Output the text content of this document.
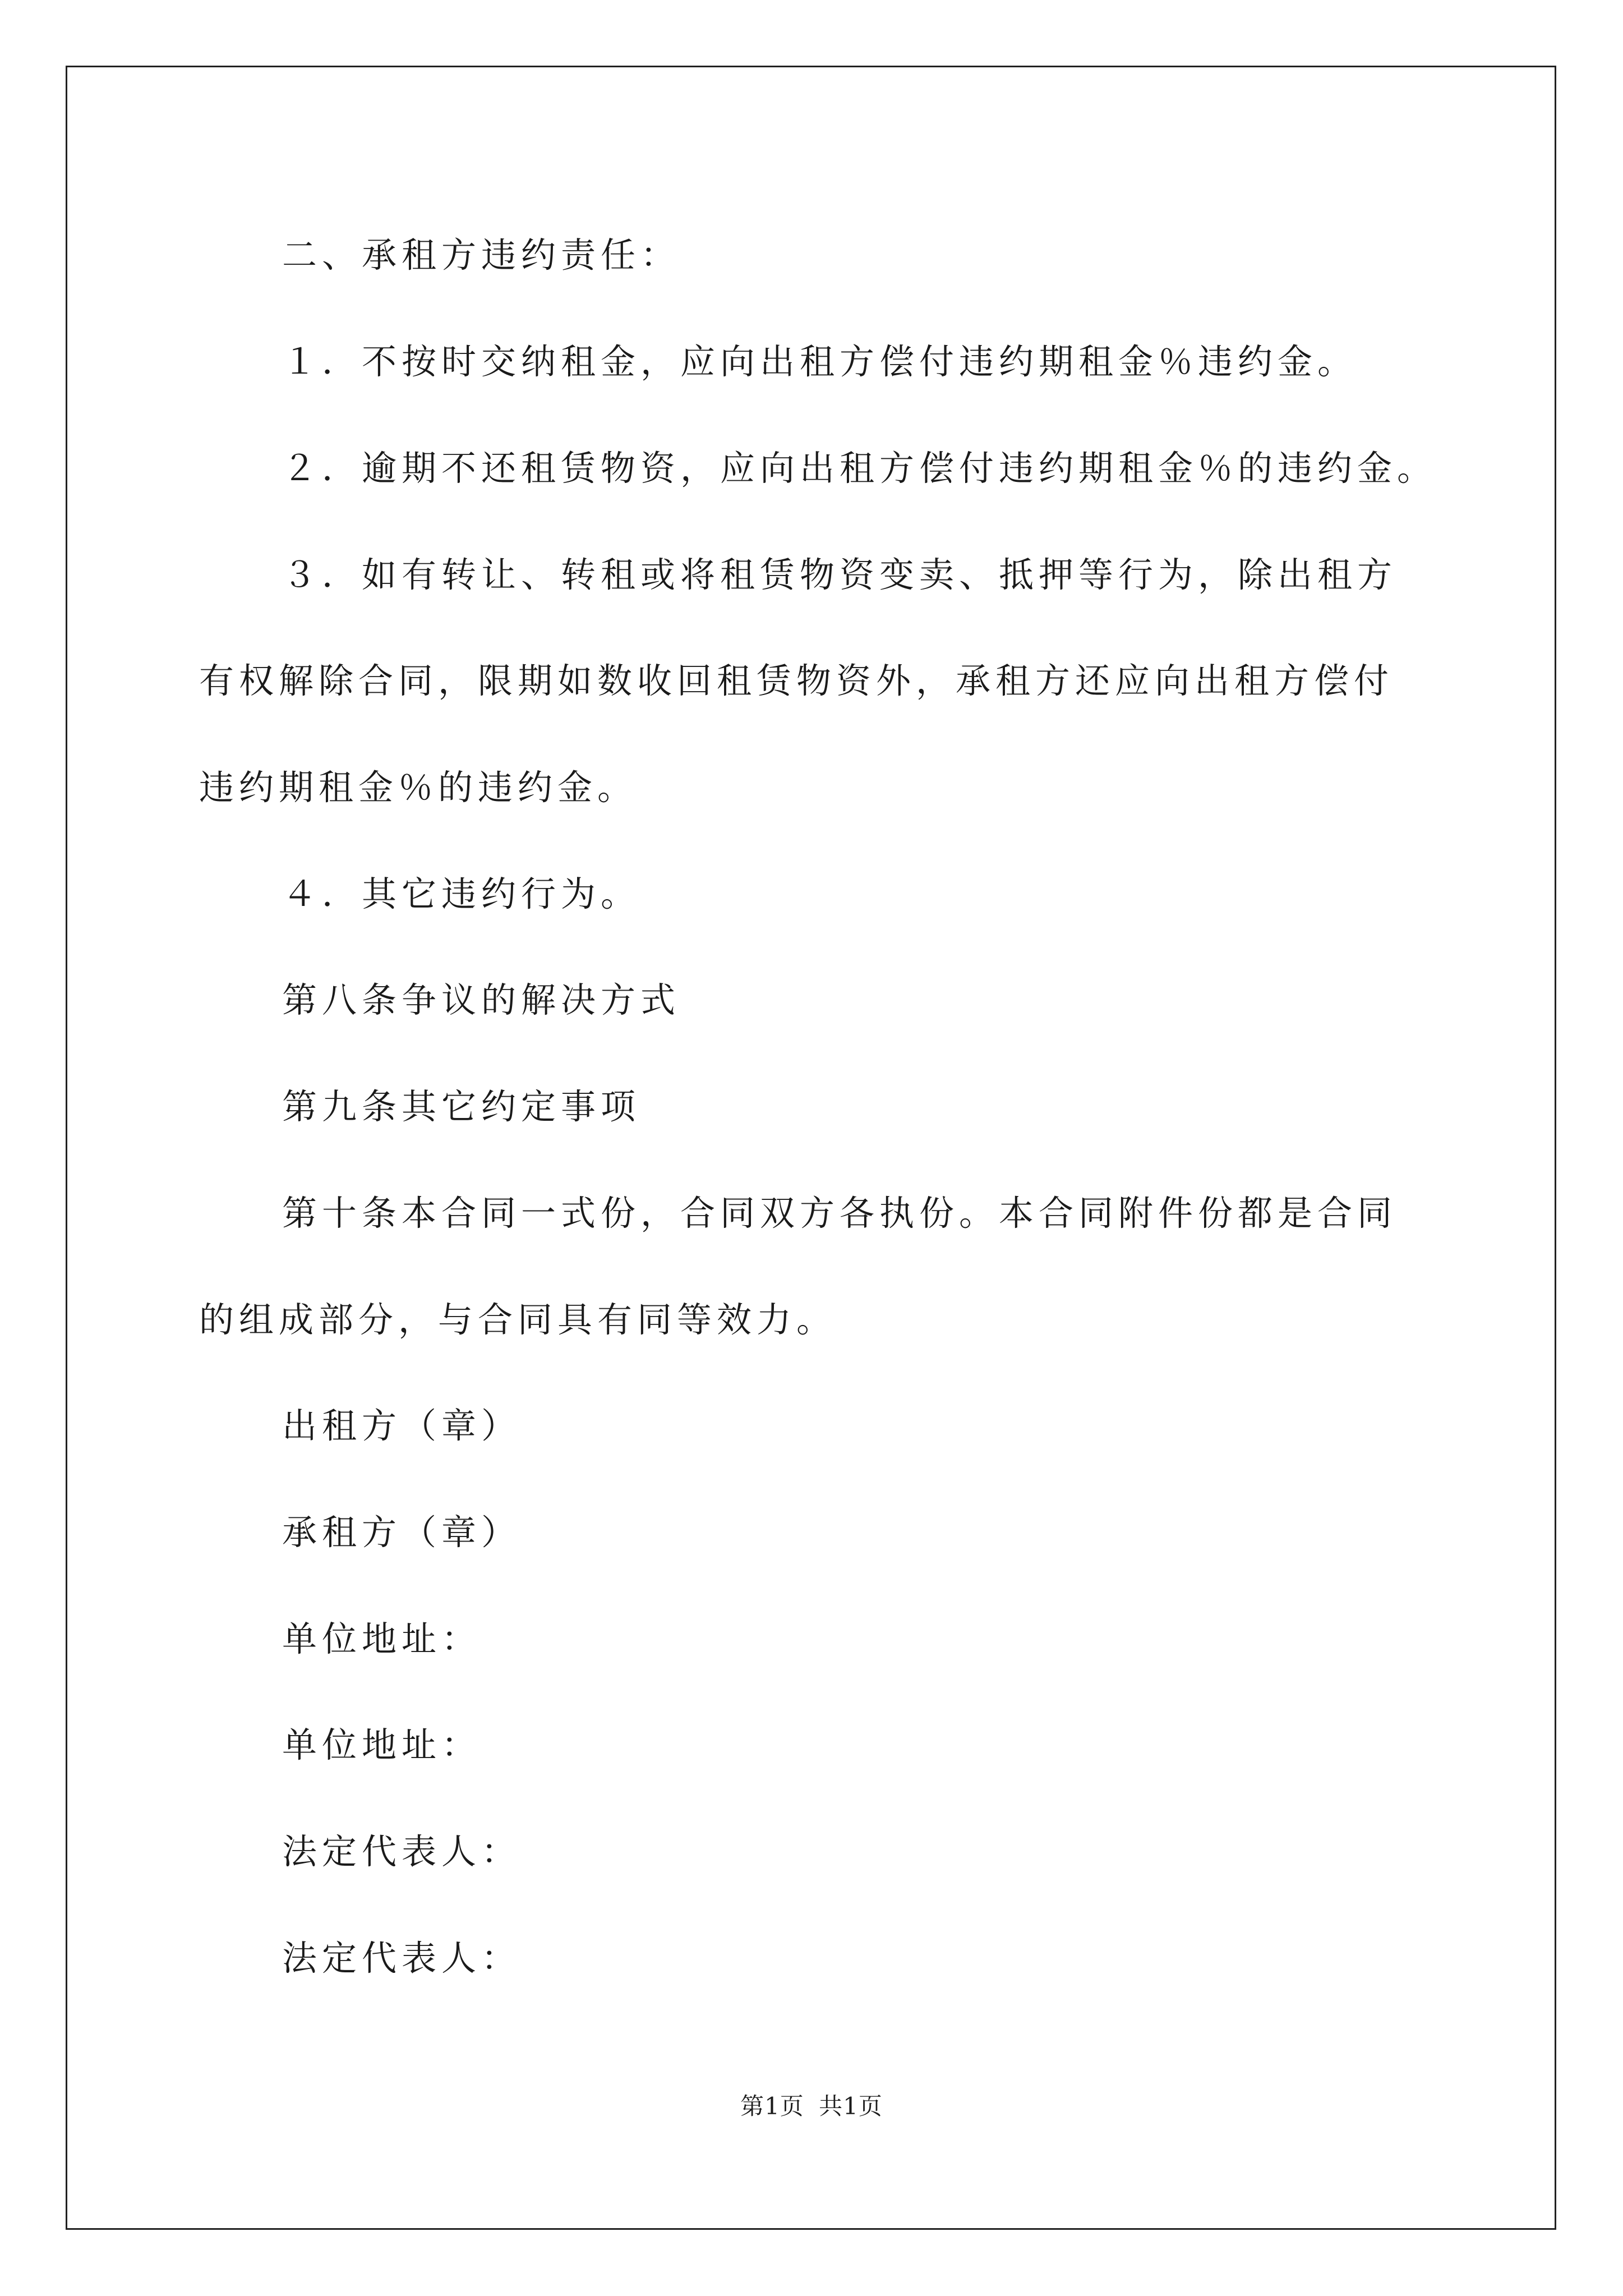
二、承租方违约责任：
１．不按时交纳租金，应向出租方偿付违约期租金％违约金。
２．逾期不还租赁物资，应向出租方偿付违约期租金％的违约金。
３．如有转让、转租或将租赁物资变卖、抵押等行为，除出租方
有权解除合同，限期如数收回租赁物资外，承租方还应向出租方偿付
违约期租金％的违约金。
４．其它违约行为。
第八条争议的解决方式
第九条其它约定事项
第十条本合同一式份，合同双方各执份。本合同附件份都是合同
的组成部分，与合同具有同等效力。
出租方（章）
承租方（章）
单位地址：
单位地址：
法定代表人：
法定代表人：
第1页 共1页
